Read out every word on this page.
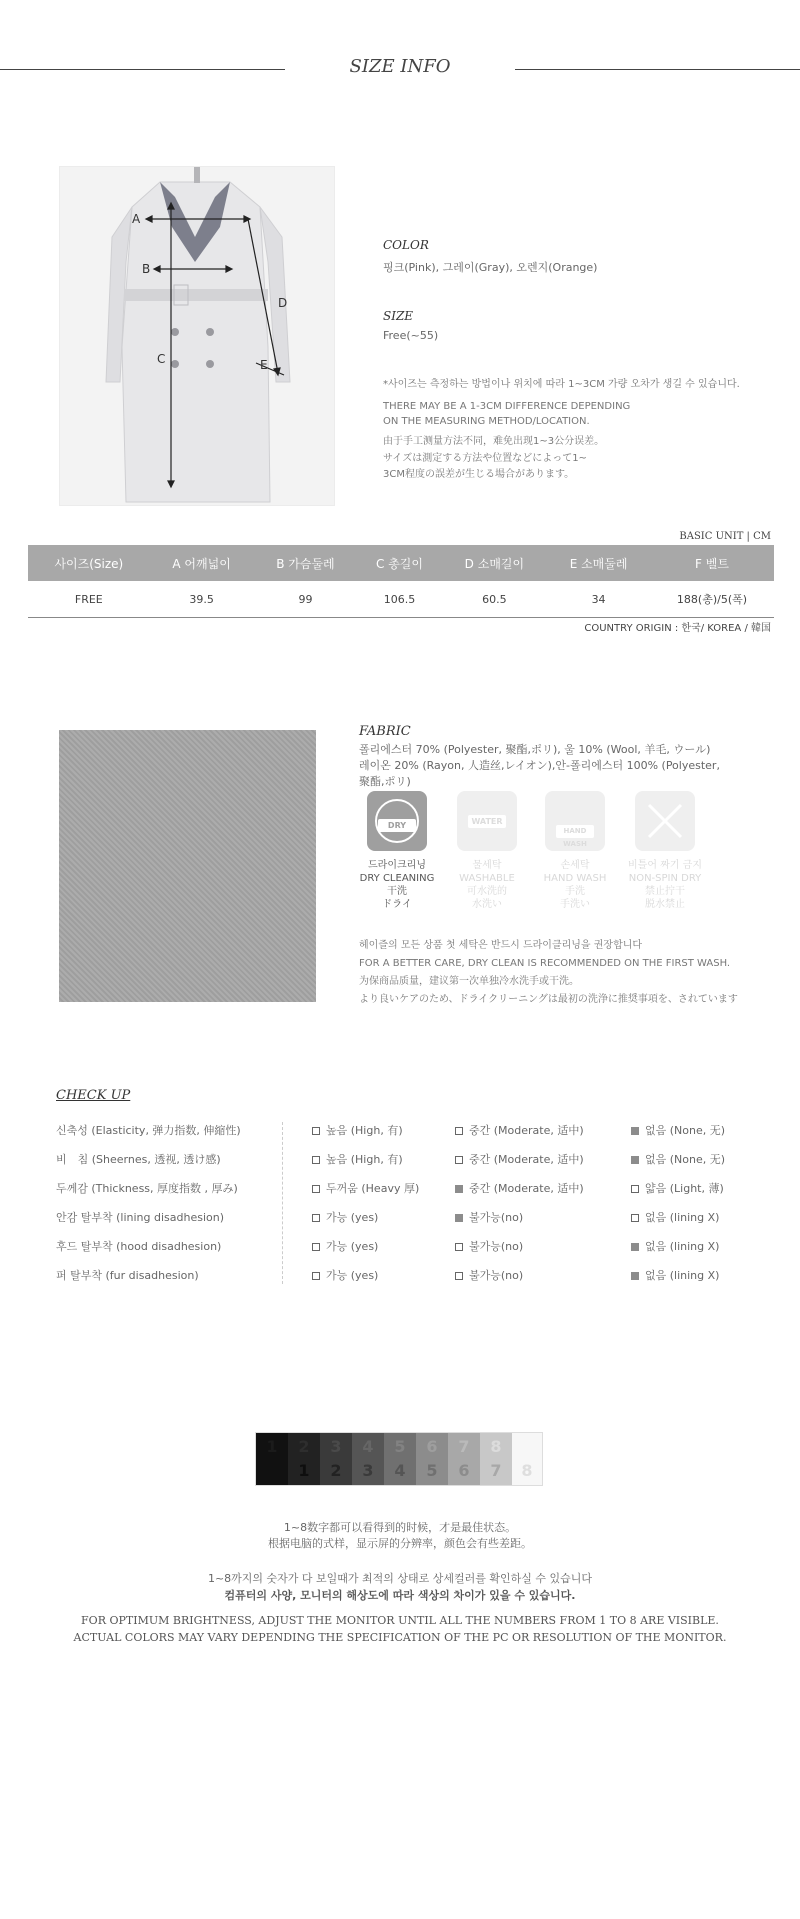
SIZE INFO
A
B
C
D
E
COLOR
핑크(Pink), 그레이(Gray), 오렌지(Orange)
SIZE
Free(~55)
*사이즈는 측정하는 방법이나 위치에 따라 1~3CM 가량 오차가 생길 수 있습니다.
THERE MAY BE A 1-3CM DIFFERENCE DEPENDING
ON THE MEASURING METHOD/LOCATION.
由于手工测量方法不同，难免出现1~3公分误差。
サイズは測定する方法や位置などによって1~
3CM程度の誤差が生じる場合があります。
BASIC UNIT | CM
사이즈(Size)	A 어깨넓이	B 가슴둘레	C 총길이	D 소매길이	E 소매둘레	F 벨트
FREE	39.5	99	106.5	60.5	34	188(총)/5(폭)
COUNTRY ORIGIN : 한국/ KOREA / 韓国
FABRIC
폴리에스터 70% (Polyester, 聚酯,ポリ), 울 10% (Wool, 羊毛, ウール)
레이온 20% (Rayon, 人造丝,レイオン),안-폴리에스터 100% (Polyester,
聚酯,ポリ)
DRY
드라이크리닝
DRY CLEANING
干洗
ドライ
WATER
물세탁
WASHABLE
可水洗的
水洗い
HAND WASH
손세탁
HAND WASH
手洗
手洗い
비틀어 짜기 금지
NON-SPIN DRY
禁止拧干
脱水禁止
헤이즐의 모든 상품 첫 세탁은 반드시 드라이클리닝을 권장합니다
FOR A BETTER CARE, DRY CLEAN IS RECOMMENDED ON THE FIRST WASH.
为保商品质量，建议第一次单独冷水洗手或干洗。
より良いケアのため、ドライクリーニングは最初の洗浄に推奨事項を、されています
CHECK UP
신축성 (Elasticity, 弹力指数, 伸縮性)	높음 (High, 有)	중간 (Moderate, 适中)	없음 (None, 无)
비　침 (Sheernes, 透视, 透け感)	높음 (High, 有)	중간 (Moderate, 适中)	없음 (None, 无)
두께감 (Thickness, 厚度指数 , 厚み)	두꺼움 (Heavy 厚)	중간 (Moderate, 适中)	얇음 (Light, 薄)
안감 탈부착 (lining disadhesion)	가능 (yes)	불가능(no)	없음 (lining X)
후드 탈부착 (hood disadhesion)	가능 (yes)	불가능(no)	없음 (lining X)
퍼 탈부착 (fur disadhesion)	가능 (yes)	불가능(no)	없음 (lining X)
1	2
1
3
2
4
3
5
4
6
5
7
6
8
7	8
1~8数字都可以看得到的时候，才是最佳状态。
根据电脑的式样，显示屏的分辨率，颜色会有些差距。
1~8까지의 숫자가 다 보일때가 최적의 상태로 상세컬러를 확인하실 수 있습니다
컴퓨터의 사양, 모니터의 해상도에 따라 색상의 차이가 있을 수 있습니다.
FOR OPTIMUM BRIGHTNESS, ADJUST THE MONITOR UNTIL ALL THE NUMBERS FROM 1 TO 8 ARE VISIBLE.
ACTUAL COLORS MAY VARY DEPENDING THE SPECIFICATION OF THE PC OR RESOLUTION OF THE MONITOR.
